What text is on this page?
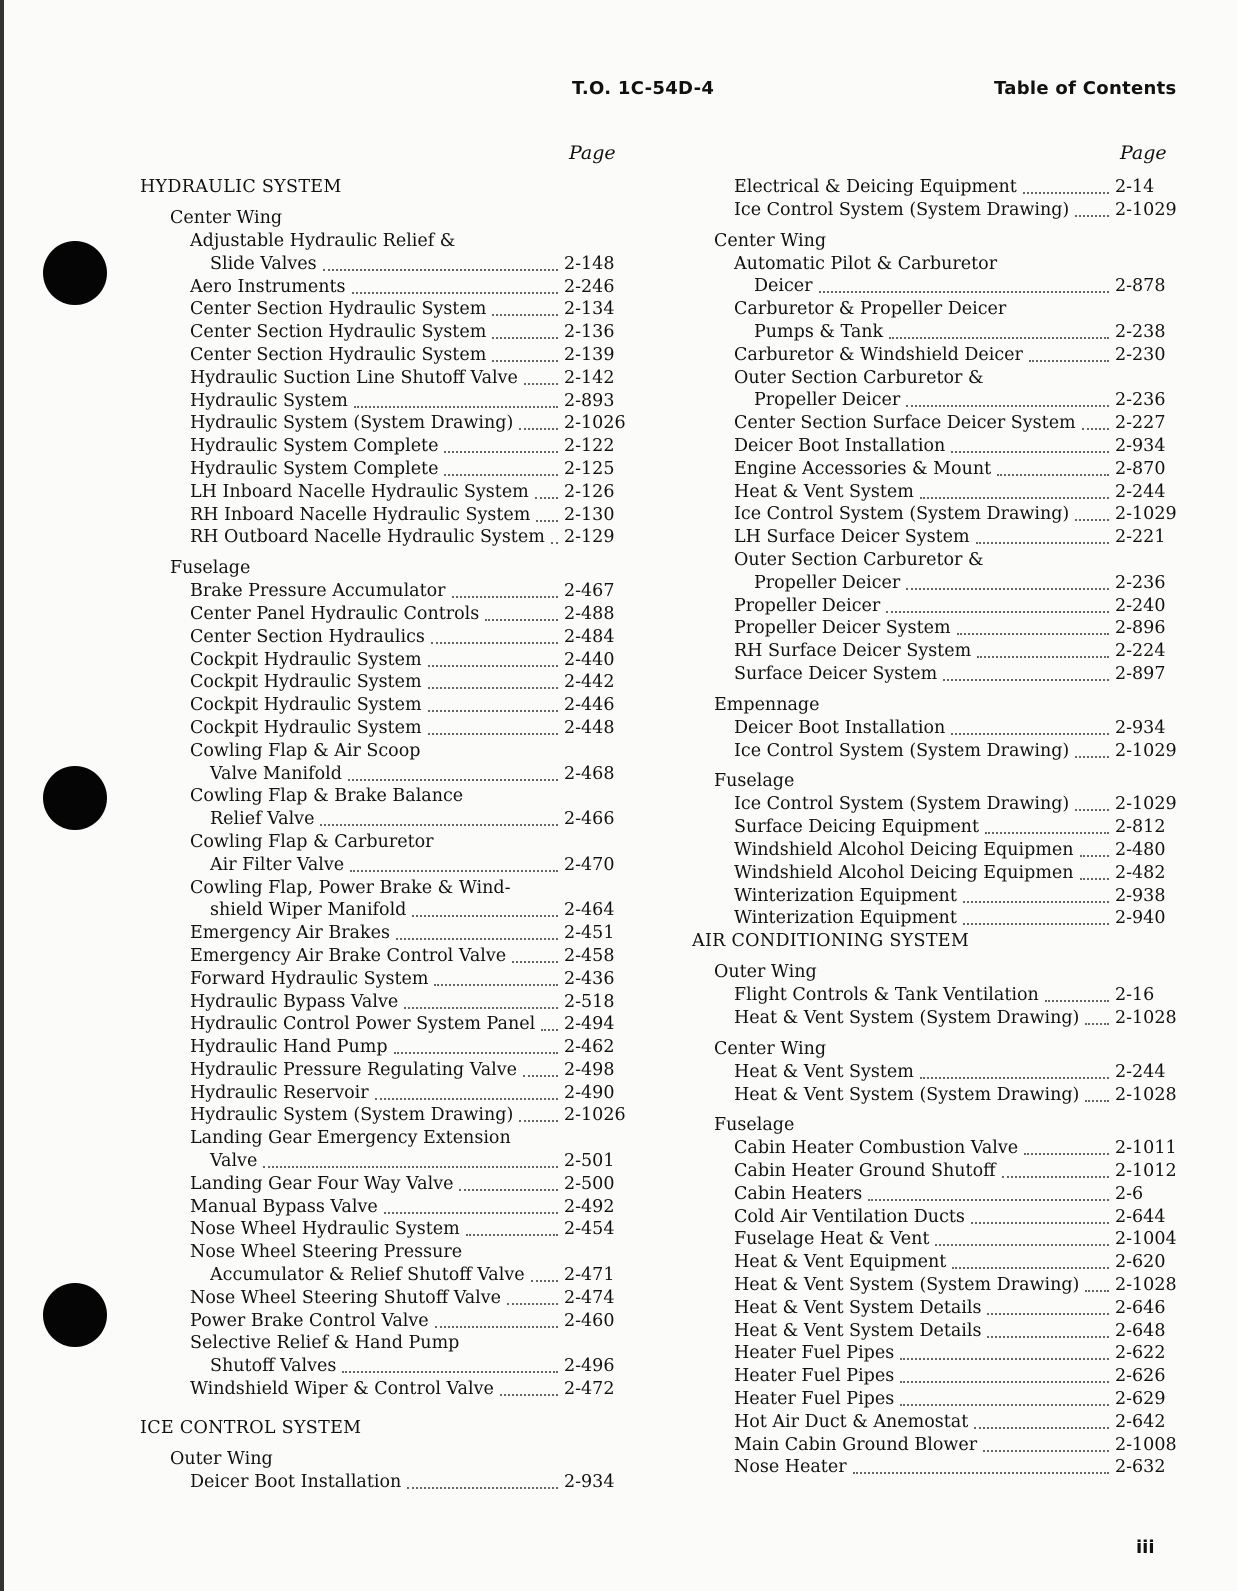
T.O. 1C-54D-4	Table of Contents
Page	Page
HYDRAULIC SYSTEM
Center Wing
Adjustable Hydraulic Relief &
Slide Valves	2-148
Aero Instruments	2-246
Center Section Hydraulic System	2-134
Center Section Hydraulic System	2-136
Center Section Hydraulic System	2-139
Hydraulic Suction Line Shutoff Valve	2-142
Hydraulic System	2-893
Hydraulic System (System Drawing)	2-1026
Hydraulic System Complete	2-122
Hydraulic System Complete	2-125
LH Inboard Nacelle Hydraulic System 2-126
RH Inboard Nacelle Hydraulic System 2-130
RH Outboard Nacelle Hydraulic System 2-129
Fuselage
Brake Pressure Accumulator	2-467
Center Panel Hydraulic Controls	2-488
Center Section Hydraulics	2-484
Cockpit Hydraulic System	2-440
Cockpit Hydraulic System	2-442
Cockpit Hydraulic System	2-446
Cockpit Hydraulic System	2-448
Cowling Flap & Air Scoop
Valve Manifold	2-468
Cowling Flap & Brake Balance
Relief Valve	2-466
Cowling Flap & Carburetor
Air Filter Valve	2-470
Cowling Flap, Power Brake & Wind-
shield Wiper Manifold	2-464
Emergency Air Brakes	2-451
Emergency Air Brake Control Valve	2-458
Forward Hydraulic System	2-436
Hydraulic Bypass Valve	2-518
Hydraulic Control Power System Panel 2-494
Hydraulic Hand Pump	2-462
Hydraulic Pressure Regulating Valve	2-498
Hydraulic Reservoir	2-490
Hydraulic System (System Drawing)	2-1026
Landing Gear Emergency Extension
Valve	2-501
Landing Gear Four Way Valve	2-500
Manual Bypass Valve	2-492
Nose Wheel Hydraulic System	2-454
Nose Wheel Steering Pressure
Accumulator & Relief Shutoff Valve 2-471
Nose Wheel Steering Shutoff Valve	2-474
Power Brake Control Valve	2-460
Selective Relief & Hand Pump
Shutoff Valves	2-496
Windshield Wiper & Control Valve	2-472
ICE CONTROL SYSTEM
Outer Wing
Deicer Boot Installation	2-934
Electrical & Deicing Equipment	2-14
Ice Control System (System Drawing)	2-1029
Center Wing
Automatic Pilot & Carburetor
Deicer	2-878
Carburetor & Propeller Deicer
Pumps & Tank	2-238
Carburetor & Windshield Deicer	2-230
Outer Section Carburetor &
Propeller Deicer	2-236
Center Section Surface Deicer System 2-227
Deicer Boot Installation	2-934
Engine Accessories & Mount	2-870
Heat & Vent System	2-244
Ice Control System (System Drawing)	2-1029
LH Surface Deicer System	2-221
Outer Section Carburetor &
Propeller Deicer	2-236
Propeller Deicer	2-240
Propeller Deicer System	2-896
RH Surface Deicer System	2-224
Surface Deicer System	2-897
Empennage
Deicer Boot Installation	2-934
Ice Control System (System Drawing)	2-1029
Fuselage
Ice Control System (System Drawing)	2-1029
Surface Deicing Equipment	2-812
Windshield Alcohol Deicing Equipmen 2-480
Windshield Alcohol Deicing Equipmen 2-482
Winterization Equipment	2-938
Winterization Equipment	2-940
AIR CONDITIONING SYSTEM
Outer Wing
Flight Controls & Tank Ventilation	2-16
Heat & Vent System (System Drawing) 2-1028
Center Wing
Heat & Vent System	2-244
Heat & Vent System (System Drawing) 2-1028
Fuselage
Cabin Heater Combustion Valve	2-1011
Cabin Heater Ground Shutoff	2-1012
Cabin Heaters	2-6
Cold Air Ventilation Ducts	2-644
Fuselage Heat & Vent	2-1004
Heat & Vent Equipment	2-620
Heat & Vent System (System Drawing) 2-1028
Heat & Vent System Details	2-646
Heat & Vent System Details	2-648
Heater Fuel Pipes	2-622
Heater Fuel Pipes	2-626
Heater Fuel Pipes	2-629
Hot Air Duct & Anemostat	2-642
Main Cabin Ground Blower	2-1008
Nose Heater	2-632
iii
